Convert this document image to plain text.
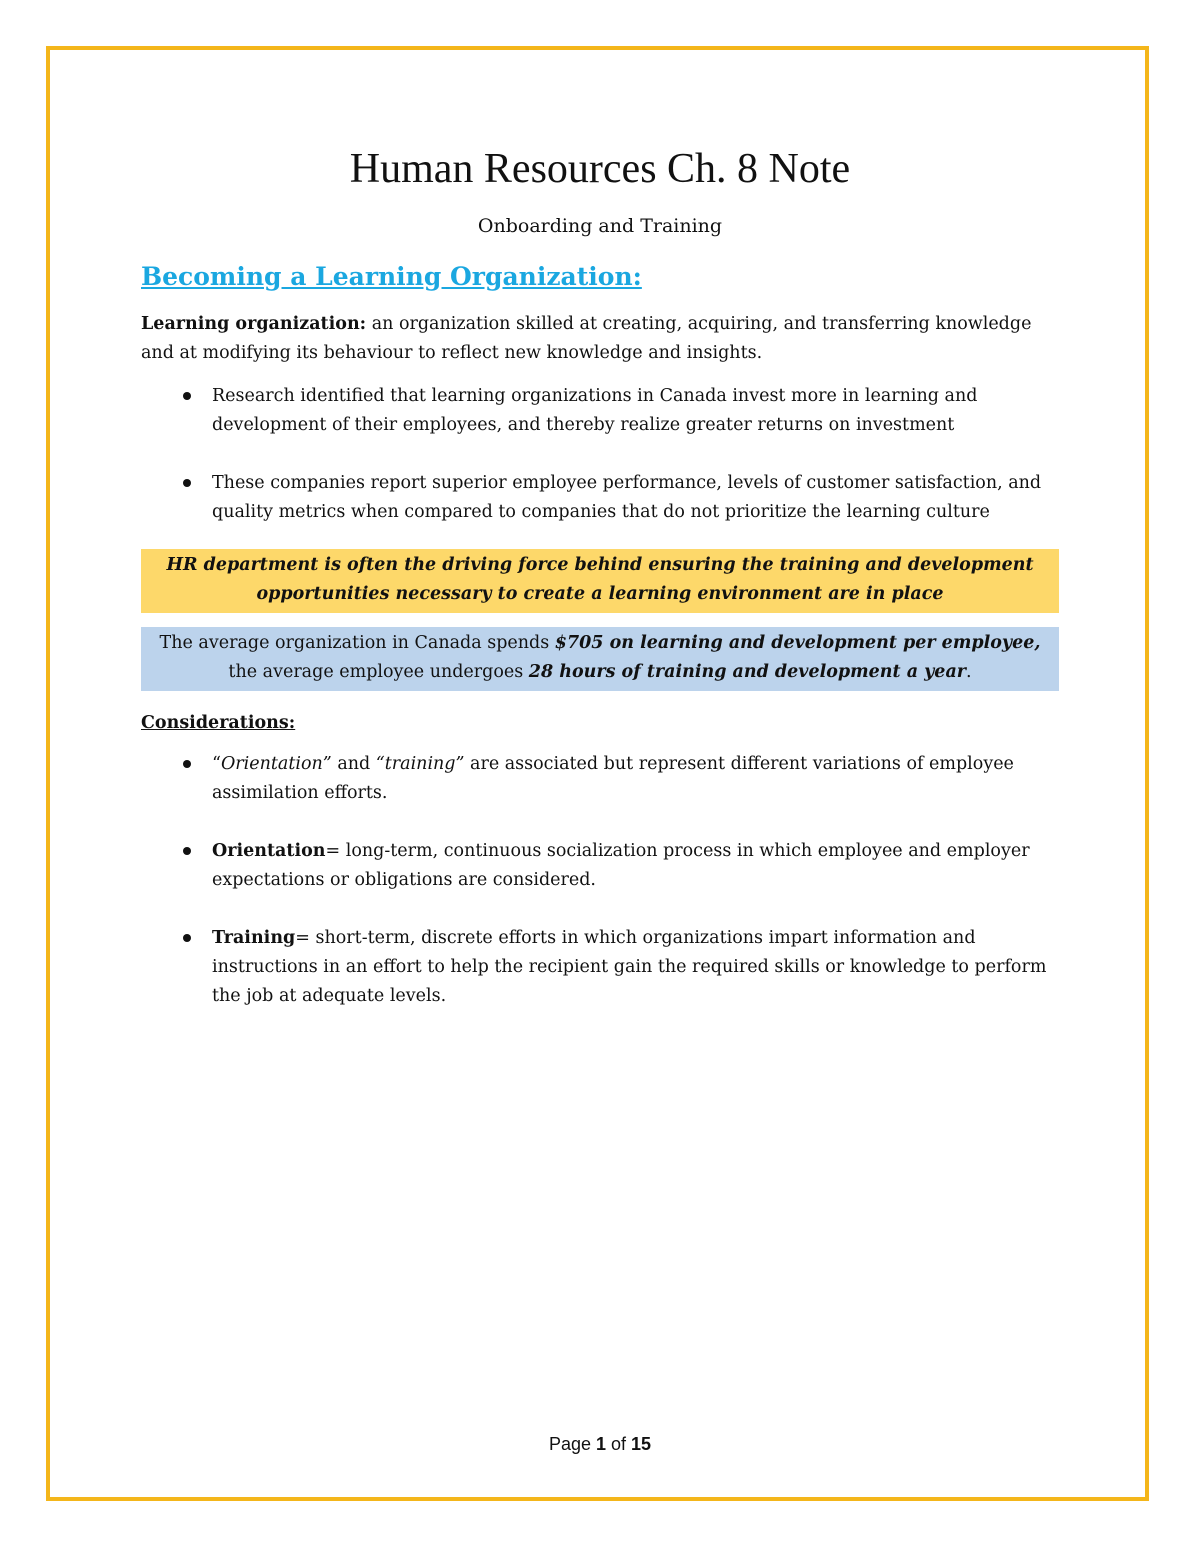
Human Resources Ch. 8 Note
Onboarding and Training
Becoming a Learning Organization:

Learning organization: an organization skilled at creating, acquiring, and transferring knowledge and at modifying its behaviour to reflect new knowledge and insights.

Research identified that learning organizations in Canada invest more in learning and development of their employees, and thereby realize greater returns on investment
These companies report superior employee performance, levels of customer satisfaction, and quality metrics when compared to companies that do not prioritize the learning culture
HR department is often the driving force behind ensuring the training and development opportunities necessary to create a learning environment are in place
The average organization in Canada spends $705 on learning and development per employee,
the average employee undergoes 28 hours of training and development a year.
Considerations:
“Orientation” and “training” are associated but represent different variations of employee assimilation efforts.
Orientation= long-term, continuous socialization process in which employee and employer expectations or obligations are considered.
Training= short-term, discrete efforts in which organizations impart information and instructions in an effort to help the recipient gain the required skills or knowledge to perform the job at adequate levels.
Page 1 of 15
